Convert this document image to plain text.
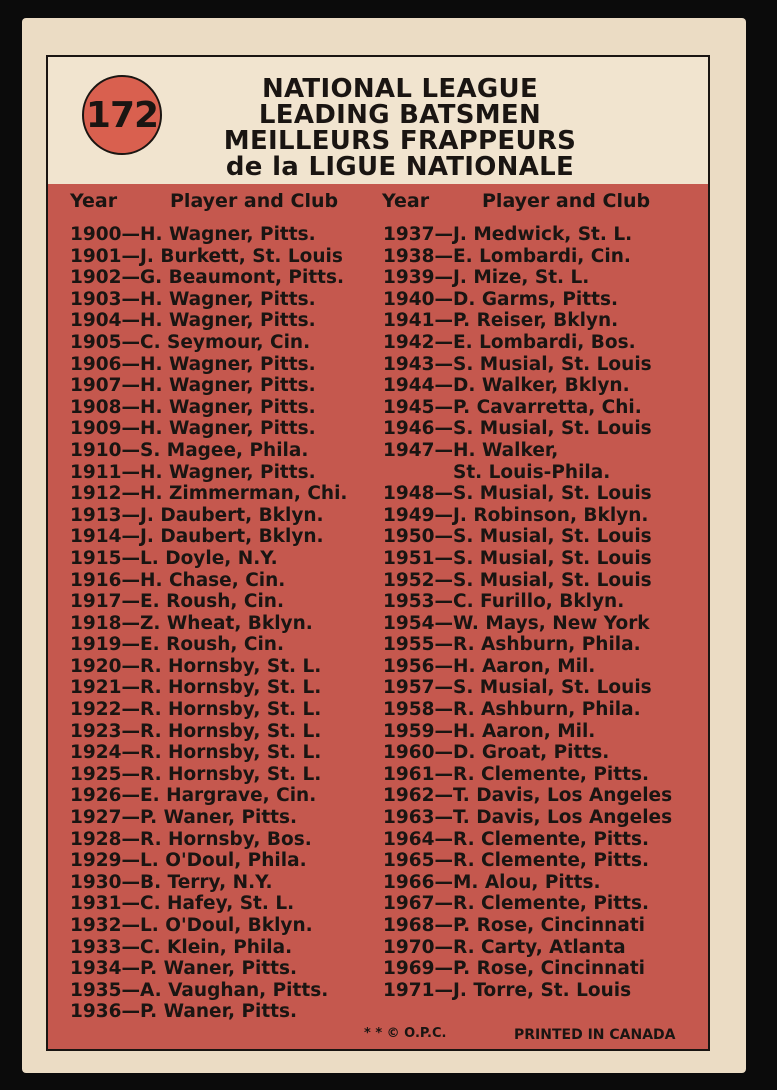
172
NATIONAL LEAGUE
LEADING BATSMEN
MEILLEURS FRAPPEURS
de la LIGUE NATIONALE
Year	Player and Club Year	Player and Club
1900—H. Wagner, Pitts.
1901—J. Burkett, St. Louis
1902—G. Beaumont, Pitts.
1903—H. Wagner, Pitts.
1904—H. Wagner, Pitts.
1905—C. Seymour, Cin.
1906—H. Wagner, Pitts.
1907—H. Wagner, Pitts.
1908—H. Wagner, Pitts.
1909—H. Wagner, Pitts.
1910—S. Magee, Phila.
1911—H. Wagner, Pitts.
1912—H. Zimmerman, Chi.
1913—J. Daubert, Bklyn.
1914—J. Daubert, Bklyn.
1915—L. Doyle, N.Y.
1916—H. Chase, Cin.
1917—E. Roush, Cin.
1918—Z. Wheat, Bklyn.
1919—E. Roush, Cin.
1920—R. Hornsby, St. L.
1921—R. Hornsby, St. L.
1922—R. Hornsby, St. L.
1923—R. Hornsby, St. L.
1924—R. Hornsby, St. L.
1925—R. Hornsby, St. L.
1926—E. Hargrave, Cin.
1927—P. Waner, Pitts.
1928—R. Hornsby, Bos.
1929—L. O'Doul, Phila.
1930—B. Terry, N.Y.
1931—C. Hafey, St. L.
1932—L. O'Doul, Bklyn.
1933—C. Klein, Phila.
1934—P. Waner, Pitts.
1935—A. Vaughan, Pitts.
1936—P. Waner, Pitts.
1937—J. Medwick, St. L.
1938—E. Lombardi, Cin.
1939—J. Mize, St. L.
1940—D. Garms, Pitts.
1941—P. Reiser, Bklyn.
1942—E. Lombardi, Bos.
1943—S. Musial, St. Louis
1944—D. Walker, Bklyn.
1945—P. Cavarretta, Chi.
1946—S. Musial, St. Louis
1947—H. Walker,
St. Louis-Phila.
1948—S. Musial, St. Louis
1949—J. Robinson, Bklyn.
1950—S. Musial, St. Louis
1951—S. Musial, St. Louis
1952—S. Musial, St. Louis
1953—C. Furillo, Bklyn.
1954—W. Mays, New York
1955—R. Ashburn, Phila.
1956—H. Aaron, Mil.
1957—S. Musial, St. Louis
1958—R. Ashburn, Phila.
1959—H. Aaron, Mil.
1960—D. Groat, Pitts.
1961—R. Clemente, Pitts.
1962—T. Davis, Los Angeles
1963—T. Davis, Los Angeles
1964—R. Clemente, Pitts.
1965—R. Clemente, Pitts.
1966—M. Alou, Pitts.
1967—R. Clemente, Pitts.
1968—P. Rose, Cincinnati
1970—R. Carty, Atlanta
1969—P. Rose, Cincinnati
1971—J. Torre, St. Louis
* * © O.P.C.	PRINTED IN CANADA
